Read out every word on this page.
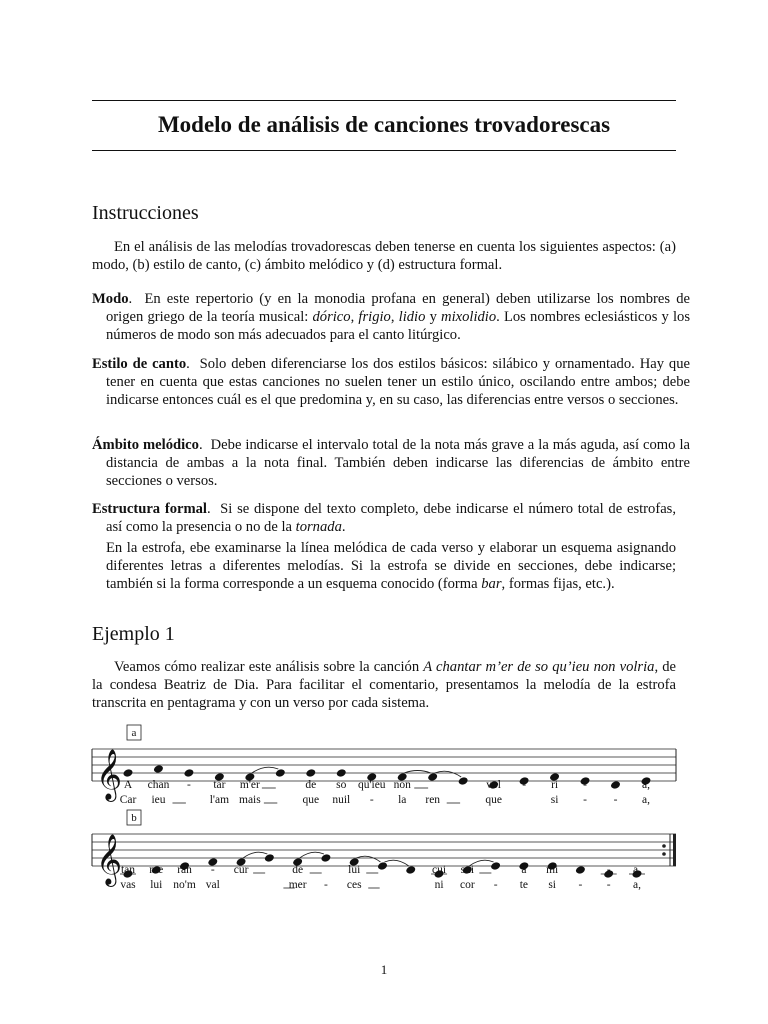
Modelo de análisis de canciones trovadorescas
Instrucciones
En el análisis de las melodías trovadorescas deben tenerse en cuenta los siguientes aspectos: (a) modo, (b) estilo de canto, (c) ámbito melódico y (d) estructura formal.
Modo.  En este repertorio (y en la monodia profana en general) deben utilizarse los nombres de origen griego de la teoría musical: dórico, frigio, lidio y mixolidio. Los nombres eclesiásticos y los números de modo son más adecuados para el canto litúrgico.
Estilo de canto.  Solo deben diferenciarse los dos estilos básicos: silábico y ornamentado. Hay que tener en cuenta que estas canciones no suelen tener un estilo único, oscilando entre ambos; debe indicarse entonces cuál es el que predomina y, en su caso, las diferencias entre versos o secciones.
Ámbito melódico.  Debe indicarse el intervalo total de la nota más grave a la más aguda, así como la distancia de ambas a la nota final. También deben indicarse las diferencias de ámbito entre secciones o versos.
Estructura formal.  Si se dispone del texto completo, debe indicarse el número total de estrofas, así como la presencia o no de la tornada.
En la estrofa, ebe examinarse la línea melódica de cada verso y elaborar un esquema asignando diferentes letras a diferentes melodías. Si la estrofa se divide en secciones, debe indicarse; también si la forma corresponde a un esquema conocido (forma bar, formas fijas, etc.).
Ejemplo 1
Veamos cómo realizar este análisis sobre la canción A chantar m’er de so qu’ieu non volria, de la condesa Beatriz de Dia. Para facilitar el comentario, presentamos la melodía de la estrofa transcrita en pentagrama y con un verso por cada sistema.
𝄞
a
A
Car
chan
ieu
- tar
l'am
m'er
mais
de
que
so
nuil
qu'ieu
-
non
la ren
vol
que
- ri
si
-
-
-
-
a,
a,
𝄞
b
tan
vas
me
lui
ran
no'm
-
val
cur	de
mer -
lui
ces
cui
ni
sui
cor -
a
te
mi
si
-
-
-
-
a.
a,
1
